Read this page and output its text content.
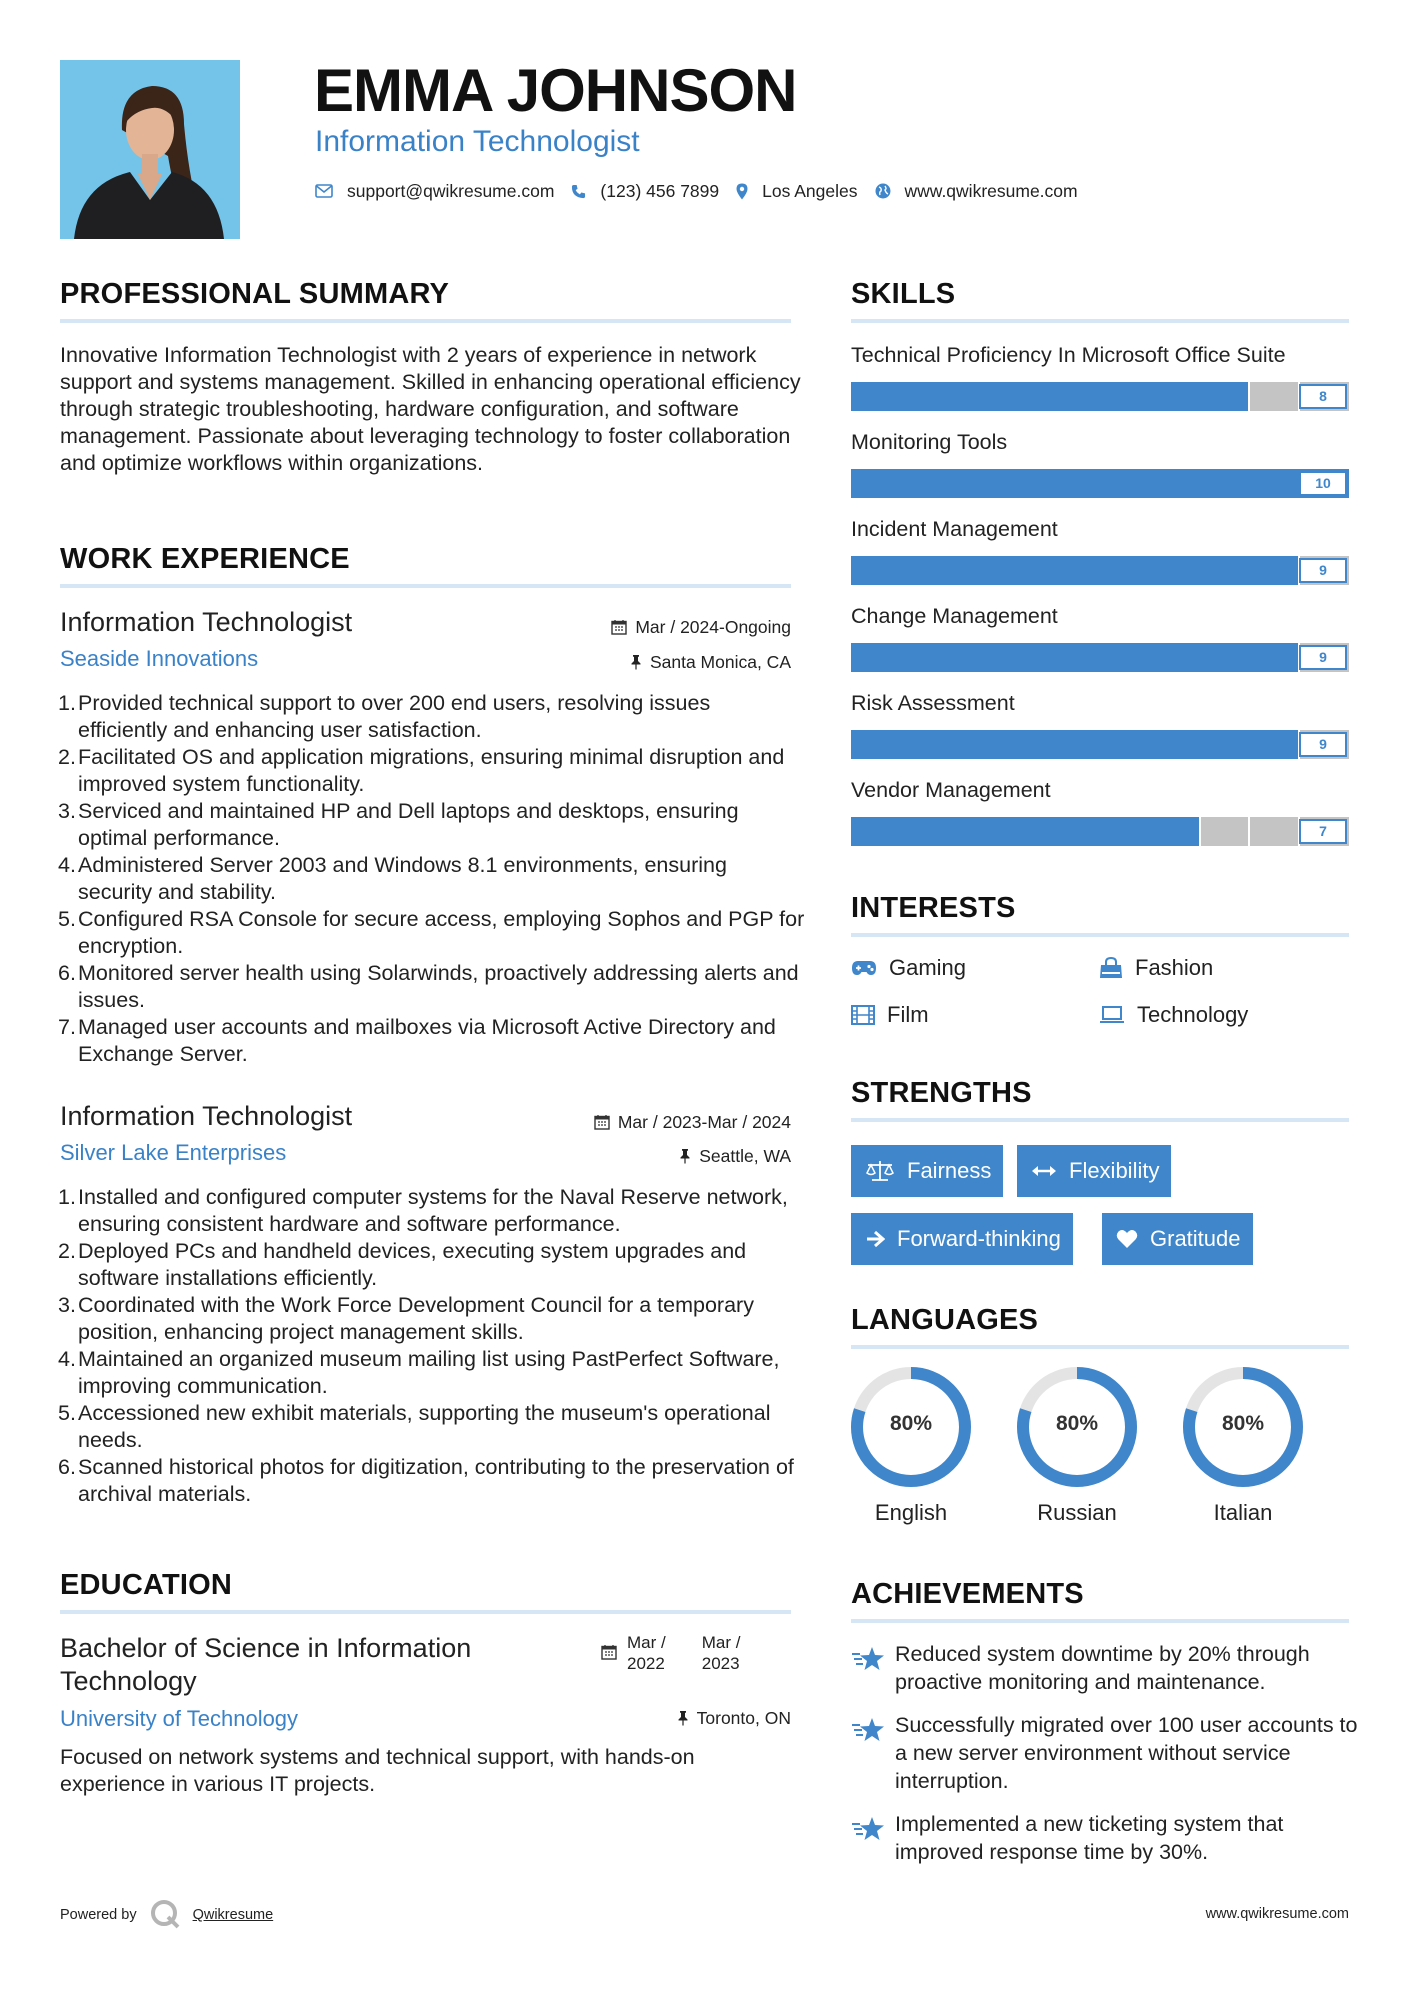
EMMA JOHNSON
Information Technologist
support@qwikresume.com	(123) 456 7899 Los Angeles	www.qwikresume.com
PROFESSIONAL SUMMARY
Innovative Information Technologist with 2 years of experience in network support and systems management. Skilled in enhancing operational efficiency through strategic troubleshooting, hardware configuration, and software management. Passionate about leveraging technology to foster collaboration and optimize workflows within organizations.
WORK EXPERIENCE
Information Technologist	Mar / 2024-Ongoing
Seaside Innovations	Santa Monica, CA
1. Provided technical support to over 200 end users, resolving issues efficiently and enhancing user satisfaction.
2. Facilitated OS and application migrations, ensuring minimal disruption and improved system functionality.
3. Serviced and maintained HP and Dell laptops and desktops, ensuring optimal performance.
4. Administered Server 2003 and Windows 8.1 environments, ensuring security and stability.
5. Configured RSA Console for secure access, employing Sophos and PGP for encryption.
6. Monitored server health using Solarwinds, proactively addressing alerts and issues.
7. Managed user accounts and mailboxes via Microsoft Active Directory and Exchange Server.
Information Technologist	Mar / 2023-Mar / 2024
Silver Lake Enterprises	Seattle, WA
1. Installed and configured computer systems for the Naval Reserve network, ensuring consistent hardware and software performance.
2. Deployed PCs and handheld devices, executing system upgrades and software installations efficiently.
3. Coordinated with the Work Force Development Council for a temporary position, enhancing project management skills.
4. Maintained an organized museum mailing list using PastPerfect Software, improving communication.
5. Accessioned new exhibit materials, supporting the museum's operational needs.
6. Scanned historical photos for digitization, contributing to the preservation of archival materials.
EDUCATION
Bachelor of Science in Information
Technology
Mar /
2022
Mar /
2023
University of Technology	Toronto, ON
Focused on network systems and technical support, with hands-on experience in various IT projects.
SKILLS
Technical Proficiency In Microsoft Office Suite
8
Monitoring Tools
10
Incident Management
9
Change Management
9
Risk Assessment
9
Vendor Management
7
INTERESTS
Gaming	Fashion
Film	Technology
STRENGTHS
Fairness	Flexibility
Forward-thinking	Gratitude
LANGUAGES
80%
English
80%
Russian
80%
Italian
ACHIEVEMENTS
Reduced system downtime by 20% through proactive monitoring and maintenance.
Successfully migrated over 100 user accounts to a new server environment without service interruption.
Implemented a new ticketing system that improved response time by 30%.
Powered by	Qwikresume	www.qwikresume.com
